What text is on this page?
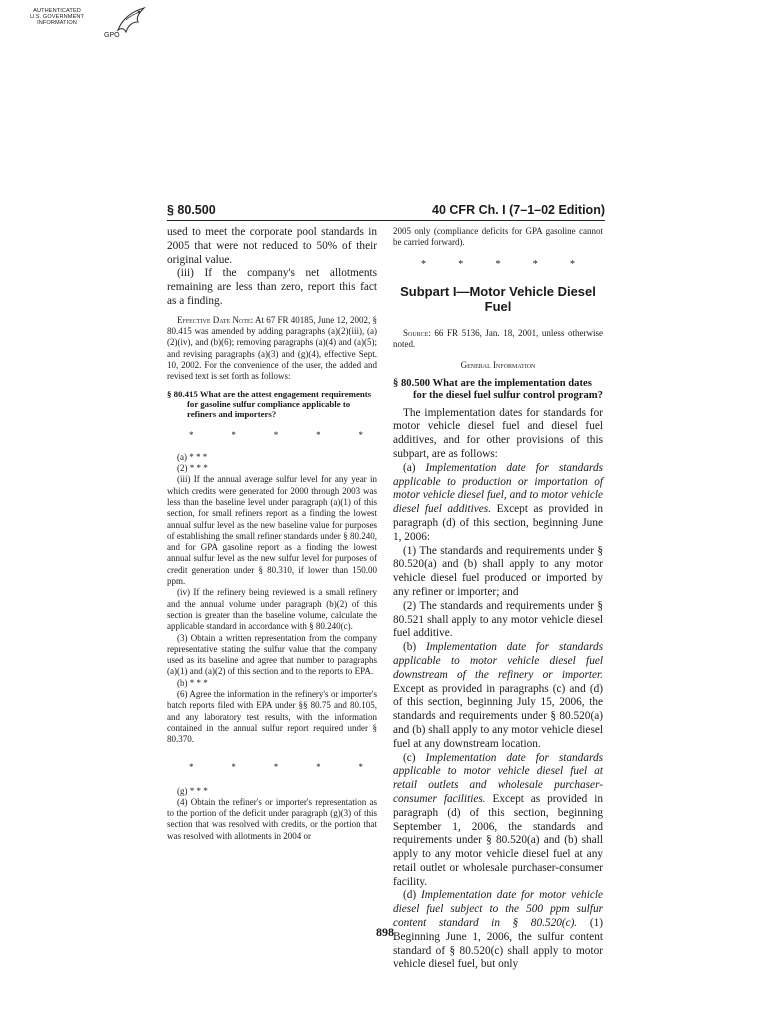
AUTHENTICATED
U.S. GOVERNMENT
INFORMATION
GPO
§ 80.500	40 CFR Ch. I (7–1–02 Edition)

used to meet the corporate pool standards in 2005 that were not reduced to 50% of their original value.

(iii) If the company's net allotments remaining are less than zero, report this fact as a finding.

Effective Date Note: At 67 FR 40185, June 12, 2002, § 80.415 was amended by adding paragraphs (a)(2)(iii), (a)(2)(iv), and (b)(6); removing paragraphs (a)(4) and (a)(5); and revising paragraphs (a)(3) and (g)(4), effective Sept. 10, 2002. For the convenience of the user, the added and revised text is set forth as follows:

§ 80.415 What are the attest engagement requirements for gasoline sulfur compliance applicable to refiners and importers?

*	*	*	*	*

(a) * * *

(2) * * *

(iii) If the annual average sulfur level for any year in which credits were generated for 2000 through 2003 was less than the baseline level under paragraph (a)(1) of this section, for small refiners report as a finding the lowest annual sulfur level as the new baseline value for purposes of establishing the small refiner standards under § 80.240, and for GPA gasoline report as a finding the lowest annual sulfur level as the new sulfur level for purposes of credit generation under § 80.310, if lower than 150.00 ppm.

(iv) If the refinery being reviewed is a small refinery and the annual volume under paragraph (b)(2) of this section is greater than the baseline volume, calculate the applicable standard in accordance with § 80.240(c).

(3) Obtain a written representation from the company representative stating the sulfur value that the company used as its baseline and agree that number to paragraphs (a)(1) and (a)(2) of this section and to the reports to EPA.

(b) * * *

(6) Agree the information in the refinery's or importer's batch reports filed with EPA under §§ 80.75 and 80.105, and any laboratory test results, with the information contained in the annual sulfur report required under § 80.370.

*	*	*	*	*

(g) * * *

(4) Obtain the refiner's or importer's representation as to the portion of the deficit under paragraph (g)(3) of this section that was resolved with credits, or the portion that was resolved with allotments in 2004 or

2005 only (compliance deficits for GPA gasoline cannot be carried forward).

*	*	*	*	*
Subpart I—Motor Vehicle Diesel Fuel

Source: 66 FR 5136, Jan. 18, 2001, unless otherwise noted.

General Information

§ 80.500 What are the implementation dates for the diesel fuel sulfur control program?

The implementation dates for standards for motor vehicle diesel fuel and diesel fuel additives, and for other provisions of this subpart, are as follows:

(a) Implementation date for standards applicable to production or importation of motor vehicle diesel fuel, and to motor vehicle diesel fuel additives. Except as provided in paragraph (d) of this section, beginning June 1, 2006:

(1) The standards and requirements under § 80.520(a) and (b) shall apply to any motor vehicle diesel fuel produced or imported by any refiner or importer; and

(2) The standards and requirements under § 80.521 shall apply to any motor vehicle diesel fuel additive.

(b) Implementation date for standards applicable to motor vehicle diesel fuel downstream of the refinery or importer. Except as provided in paragraphs (c) and (d) of this section, beginning July 15, 2006, the standards and requirements under § 80.520(a) and (b) shall apply to any motor vehicle diesel fuel at any downstream location.

(c) Implementation date for standards applicable to motor vehicle diesel fuel at retail outlets and wholesale purchaser-consumer facilities. Except as provided in paragraph (d) of this section, beginning September 1, 2006, the standards and requirements under § 80.520(a) and (b) shall apply to any motor vehicle diesel fuel at any retail outlet or wholesale purchaser-consumer facility.

(d) Implementation date for motor vehicle diesel fuel subject to the 500 ppm sulfur content standard in § 80.520(c). (1) Beginning June 1, 2006, the sulfur content standard of § 80.520(c) shall apply to motor vehicle diesel fuel, but only

898
